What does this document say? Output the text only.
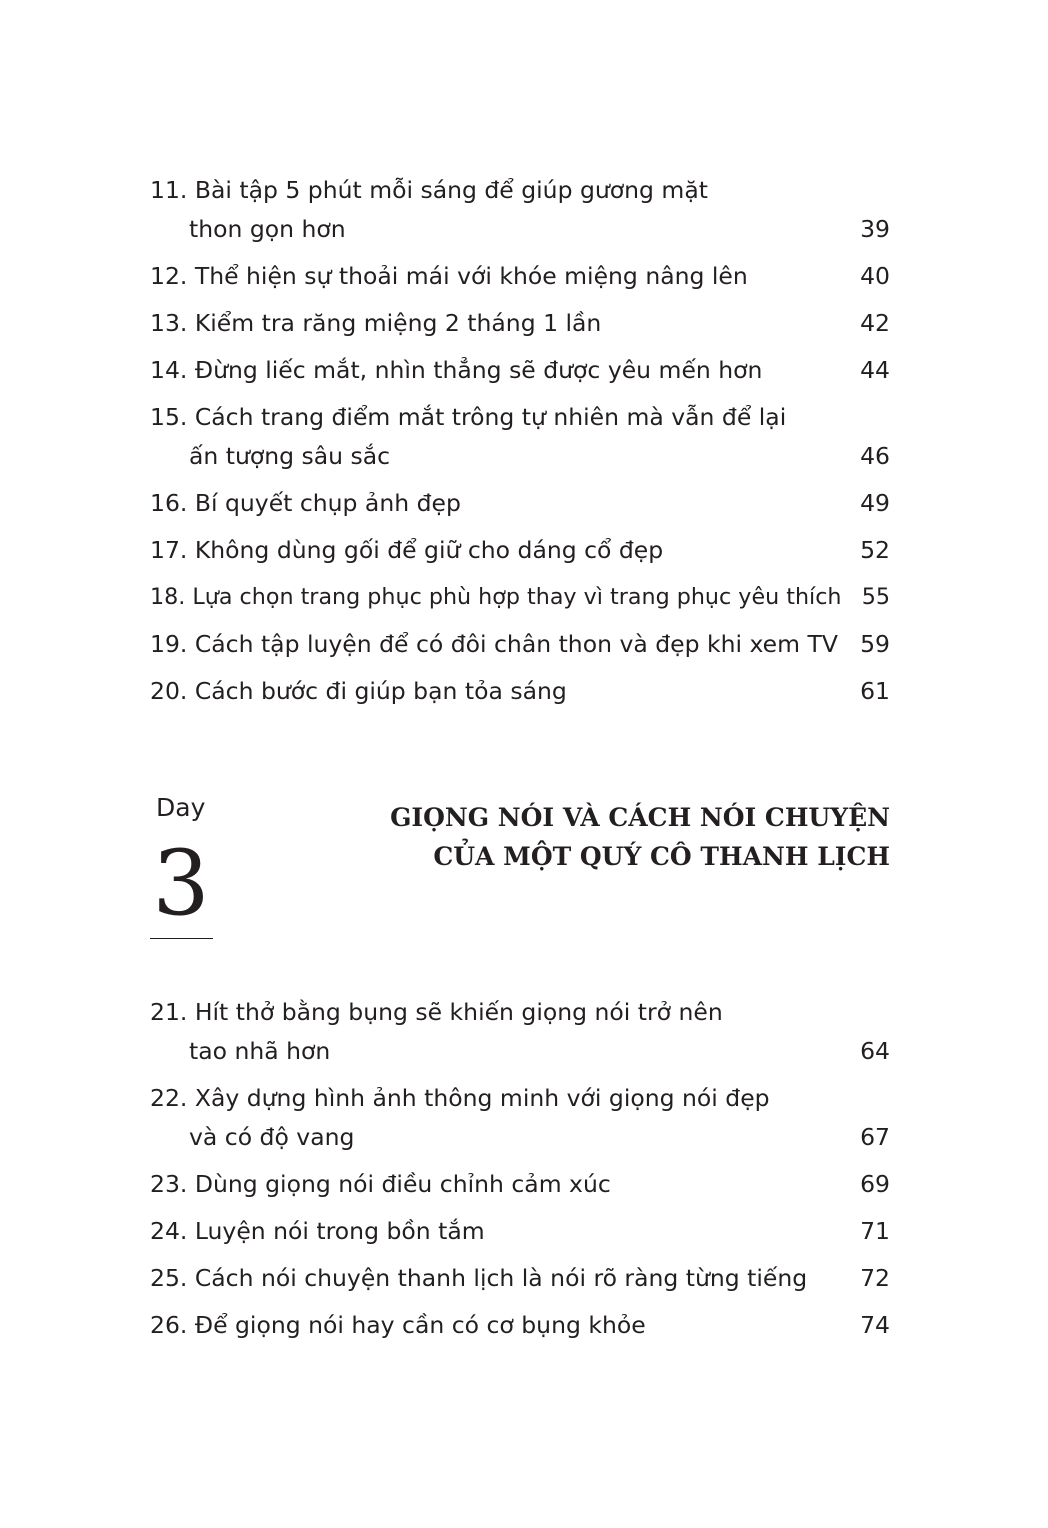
11. Bài tập 5 phút mỗi sáng để giúp gương mặt
thon gọn hơn	39
12. Thể hiện sự thoải mái với khóe miệng nâng lên	40
13. Kiểm tra răng miệng 2 tháng 1 lần	42
14. Đừng liếc mắt, nhìn thẳng sẽ được yêu mến hơn	44
15. Cách trang điểm mắt trông tự nhiên mà vẫn để lại
ấn tượng sâu sắc	46
16. Bí quyết chụp ảnh đẹp	49
17. Không dùng gối để giữ cho dáng cổ đẹp	52
18. Lựa chọn trang phục phù hợp thay vì trang phục yêu thích 55
19. Cách tập luyện để có đôi chân thon và đẹp khi xem TV 59
20. Cách bước đi giúp bạn tỏa sáng	61
Day
3
GIỌNG NÓI VÀ CÁCH NÓI CHUYỆN
CỦA MỘT QUÝ CÔ THANH LỊCH
21. Hít thở bằng bụng sẽ khiến giọng nói trở nên
tao nhã hơn	64
22. Xây dựng hình ảnh thông minh với giọng nói đẹp
và có độ vang	67
23. Dùng giọng nói điều chỉnh cảm xúc	69
24. Luyện nói trong bồn tắm	71
25. Cách nói chuyện thanh lịch là nói rõ ràng từng tiếng 72
26. Để giọng nói hay cần có cơ bụng khỏe	74
